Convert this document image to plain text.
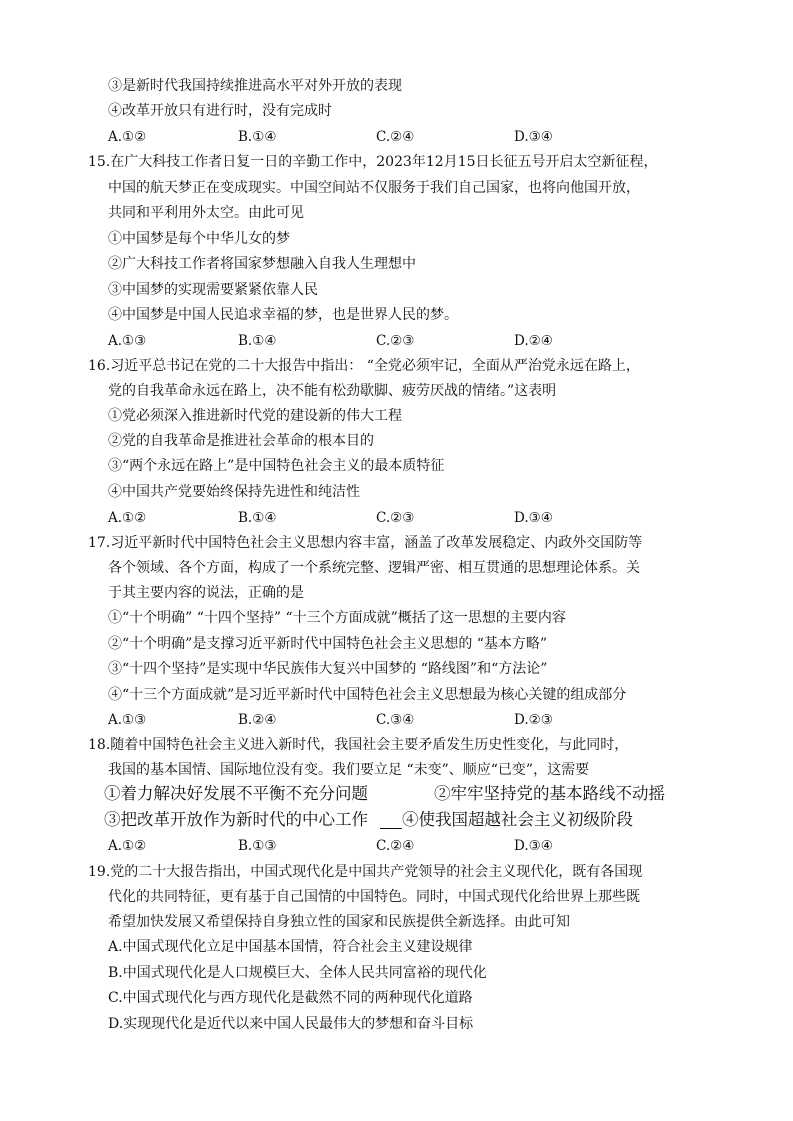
③是新时代我国持续推进高水平对外开放的表现
④改革开放只有进行时，没有完成时
A.①②	B.①④	C.②④	D.③④
15.在广大科技工作者日复一日的辛勤工作中，2023年12月15日长征五号开启太空新征程，
中国的航天梦正在变成现实。中国空间站不仅服务于我们自己国家，也将向他国开放，
共同和平利用外太空。由此可见
①中国梦是每个中华儿女的梦
②广大科技工作者将国家梦想融入自我人生理想中
③中国梦的实现需要紧紧依靠人民
④中国梦是中国人民追求幸福的梦，也是世界人民的梦。
A.①③	B.①④	C.②③	D.②④
16.习近平总书记在党的二十大报告中指出： “全党必须牢记，全面从严治党永远在路上，
党的自我革命永远在路上，决不能有松劲歇脚、疲劳厌战的情绪。”这表明
①党必须深入推进新时代党的建设新的伟大工程
②党的自我革命是推进社会革命的根本目的
③“两个永远在路上”是中国特色社会主义的最本质特征
④中国共产党要始终保持先进性和纯洁性
A.①②	B.①④	C.②③	D.③④
17.习近平新时代中国特色社会主义思想内容丰富，涵盖了改革发展稳定、内政外交国防等
各个领域、各个方面，构成了一个系统完整、逻辑严密、相互贯通的思想理论体系。关
于其主要内容的说法，正确的是
①“十个明确” “十四个坚持” “十三个方面成就”概括了这一思想的主要内容
②“十个明确”是支撑习近平新时代中国特色社会主义思想的 “基本方略”
③“十四个坚持”是实现中华民族伟大复兴中国梦的 “路线图”和“方法论”
④“十三个方面成就”是习近平新时代中国特色社会主义思想最为核心关键的组成部分
A.①③	B.②④	C.③④	D.②③
18.随着中国特色社会主义进入新时代，我国社会主要矛盾发生历史性变化，与此同时，
我国的基本国情、国际地位没有变。我们要立足 “未变”、顺应“已变”，这需要
①着力解决好发展不平衡不充分问题	②牢牢坚持党的基本路线不动摇
③把改革开放作为新时代的中心工作 ④使我国超越社会主义初级阶段
A.①②	B.①③	C.②④	D.③④
19.党的二十大报告指出，中国式现代化是中国共产党领导的社会主义现代化，既有各国现
代化的共同特征，更有基于自己国情的中国特色。同时，中国式现代化给世界上那些既
希望加快发展又希望保持自身独立性的国家和民族提供全新选择。由此可知
A.中国式现代化立足中国基本国情，符合社会主义建设规律
B.中国式现代化是人口规模巨大、全体人民共同富裕的现代化
C.中国式现代化与西方现代化是截然不同的两种现代化道路
D.实现现代化是近代以来中国人民最伟大的梦想和奋斗目标
